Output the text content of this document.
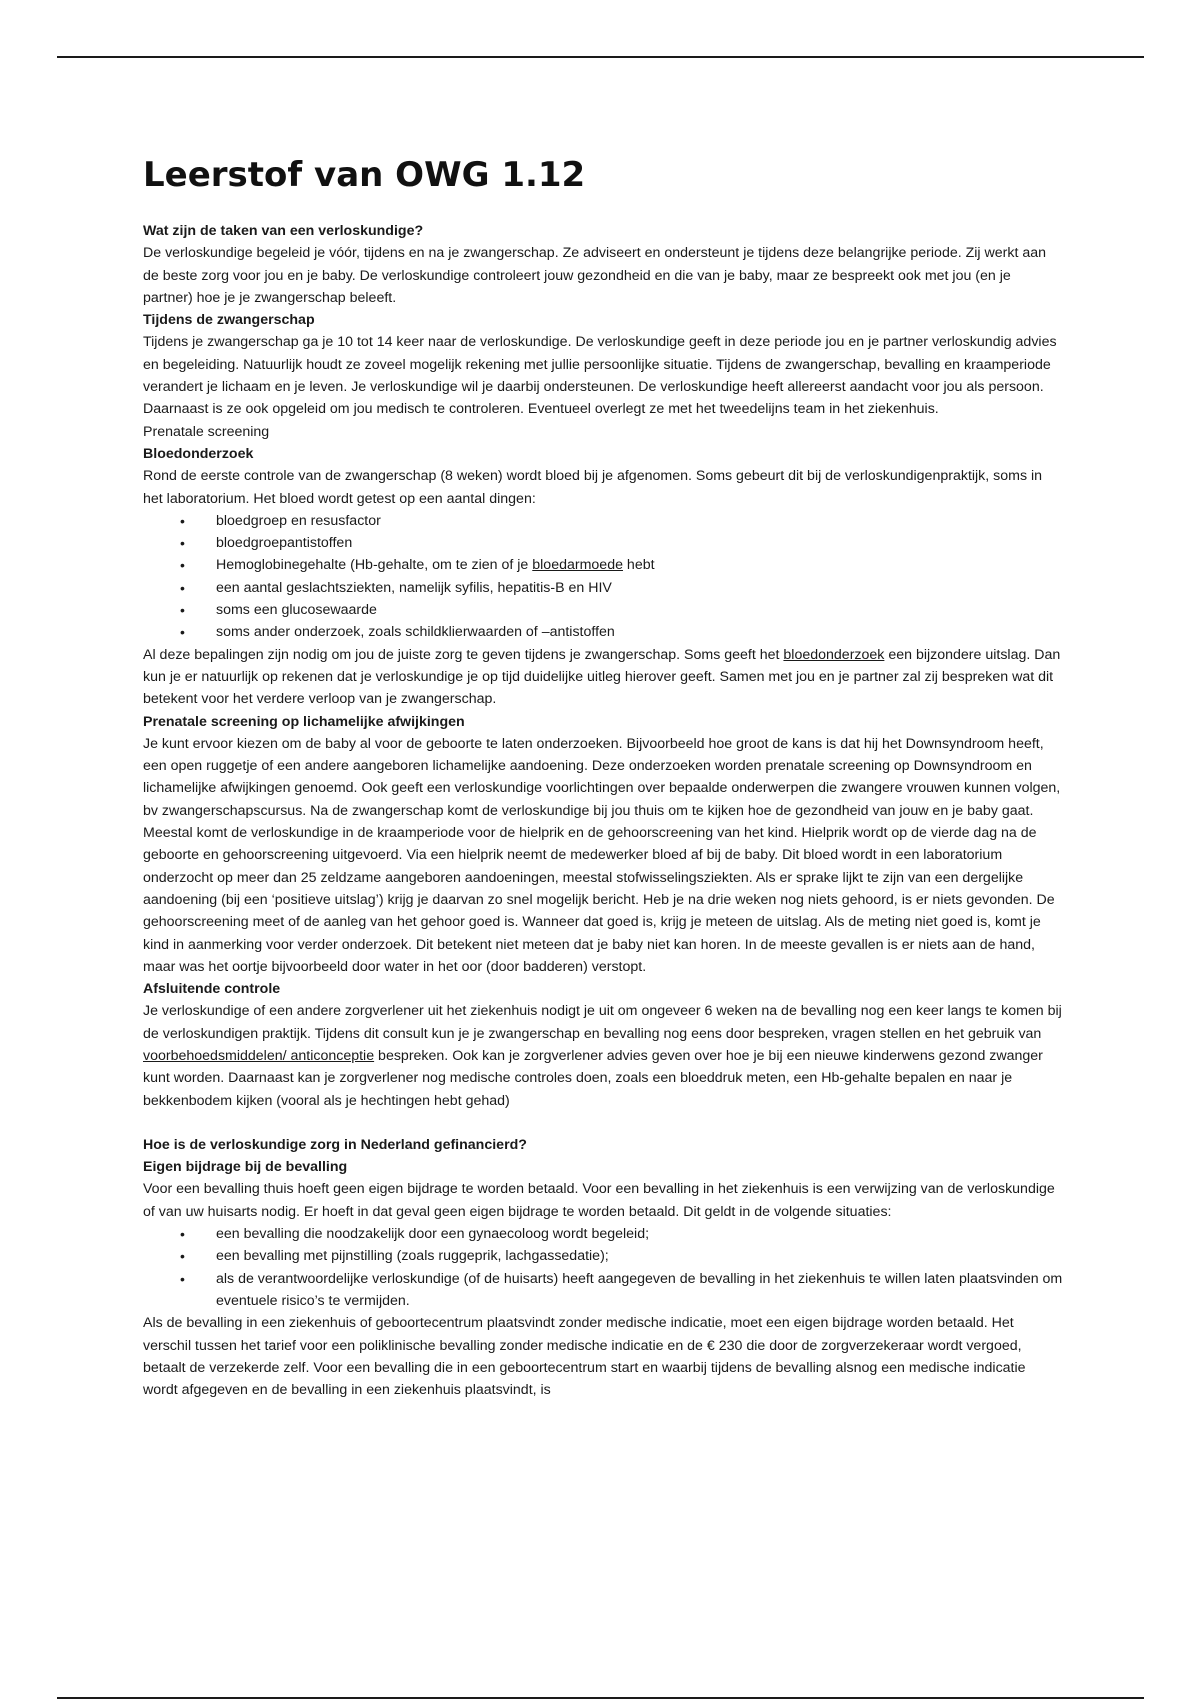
Leerstof van OWG 1.12

Wat zijn de taken van een verloskundige?

De verloskundige begeleid je vóór, tijdens en na je zwangerschap. Ze adviseert en ondersteunt je tijdens deze belangrijke periode. Zij werkt aan de beste zorg voor jou en je baby. De verloskundige controleert jouw gezondheid en die van je baby, maar ze bespreekt ook met jou (en je partner) hoe je je zwangerschap beleeft.

Tijdens de zwangerschap

Tijdens je zwangerschap ga je 10 tot 14 keer naar de verloskundige. De verloskundige geeft in deze periode jou en je partner verloskundig advies en begeleiding. Natuurlijk houdt ze zoveel mogelijk rekening met jullie persoonlijke situatie. Tijdens de zwangerschap, bevalling en kraamperiode verandert je lichaam en je leven. Je verloskundige wil je daarbij ondersteunen. De verloskundige heeft allereerst aandacht voor jou als persoon. Daarnaast is ze ook opgeleid om jou medisch te controleren. Eventueel overlegt ze met het tweedelijns team in het ziekenhuis.

Prenatale screening

Bloedonderzoek

Rond de eerste controle van de zwangerschap (8 weken) wordt bloed bij je afgenomen. Soms gebeurt dit bij de verloskundigenpraktijk, soms in het laboratorium. Het bloed wordt getest op een aantal dingen:

• bloedgroep en resusfactor
• bloedgroepantistoffen
• Hemoglobinegehalte (Hb-gehalte, om te zien of je bloedarmoede hebt
• een aantal geslachtsziekten, namelijk syfilis, hepatitis-B en HIV
• soms een glucosewaarde
• soms ander onderzoek, zoals schildklierwaarden of –antistoffen

Al deze bepalingen zijn nodig om jou de juiste zorg te geven tijdens je zwangerschap. Soms geeft het bloedonderzoek een bijzondere uitslag. Dan kun je er natuurlijk op rekenen dat je verloskundige je op tijd duidelijke uitleg hierover geeft. Samen met jou en je partner zal zij bespreken wat dit betekent voor het verdere verloop van je zwangerschap.

Prenatale screening op lichamelijke afwijkingen

Je kunt ervoor kiezen om de baby al voor de geboorte te laten onderzoeken. Bijvoorbeeld hoe groot de kans is dat hij het Downsyndroom heeft, een open ruggetje of een andere aangeboren lichamelijke aandoening. Deze onderzoeken worden prenatale screening op Downsyndroom en lichamelijke afwijkingen genoemd. Ook geeft een verloskundige voorlichtingen over bepaalde onderwerpen die zwangere vrouwen kunnen volgen, bv zwangerschapscursus. Na de zwangerschap komt de verloskundige bij jou thuis om te kijken hoe de gezondheid van jouw en je baby gaat. Meestal komt de verloskundige in de kraamperiode voor de hielprik en de gehoorscreening van het kind. Hielprik wordt op de vierde dag na de geboorte en gehoorscreening uitgevoerd. Via een hielprik neemt de medewerker bloed af bij de baby. Dit bloed wordt in een laboratorium onderzocht op meer dan 25 zeldzame aangeboren aandoeningen, meestal stofwisselingsziekten. Als er sprake lijkt te zijn van een dergelijke aandoening (bij een ‘positieve uitslag’) krijg je daarvan zo snel mogelijk bericht. Heb je na drie weken nog niets gehoord, is er niets gevonden. De gehoorscreening meet of de aanleg van het gehoor goed is. Wanneer dat goed is, krijg je meteen de uitslag. Als de meting niet goed is, komt je kind in aanmerking voor verder onderzoek. Dit betekent niet meteen dat je baby niet kan horen. In de meeste gevallen is er niets aan de hand, maar was het oortje bijvoorbeeld door water in het oor (door badderen) verstopt.

Afsluitende controle

Je verloskundige of een andere zorgverlener uit het ziekenhuis nodigt je uit om ongeveer 6 weken na de bevalling nog een keer langs te komen bij de verloskundigen praktijk. Tijdens dit consult kun je je zwangerschap en bevalling nog eens door bespreken, vragen stellen en het gebruik van voorbehoedsmiddelen/ anticonceptie bespreken. Ook kan je zorgverlener advies geven over hoe je bij een nieuwe kinderwens gezond zwanger kunt worden. Daarnaast kan je zorgverlener nog medische controles doen, zoals een bloeddruk meten, een Hb-gehalte bepalen en naar je bekkenbodem kijken (vooral als je hechtingen hebt gehad)

Hoe is de verloskundige zorg in Nederland gefinancierd?

Eigen bijdrage bij de bevalling

Voor een bevalling thuis hoeft geen eigen bijdrage te worden betaald. Voor een bevalling in het ziekenhuis is een verwijzing van de verloskundige of van uw huisarts nodig. Er hoeft in dat geval geen eigen bijdrage te worden betaald. Dit geldt in de volgende situaties:

• een bevalling die noodzakelijk door een gynaecoloog wordt begeleid;
• een bevalling met pijnstilling (zoals ruggeprik, lachgassedatie);
• als de verantwoordelijke verloskundige (of de huisarts) heeft aangegeven de bevalling in het ziekenhuis te willen laten plaatsvinden om eventuele risico’s te vermijden.

Als de bevalling in een ziekenhuis of geboortecentrum plaatsvindt zonder medische indicatie, moet een eigen bijdrage worden betaald. Het verschil tussen het tarief voor een poliklinische bevalling zonder medische indicatie en de € 230 die door de zorgverzekeraar wordt vergoed, betaalt de verzekerde zelf. Voor een bevalling die in een geboortecentrum start en waarbij tijdens de bevalling alsnog een medische indicatie wordt afgegeven en de bevalling in een ziekenhuis plaatsvindt, is
